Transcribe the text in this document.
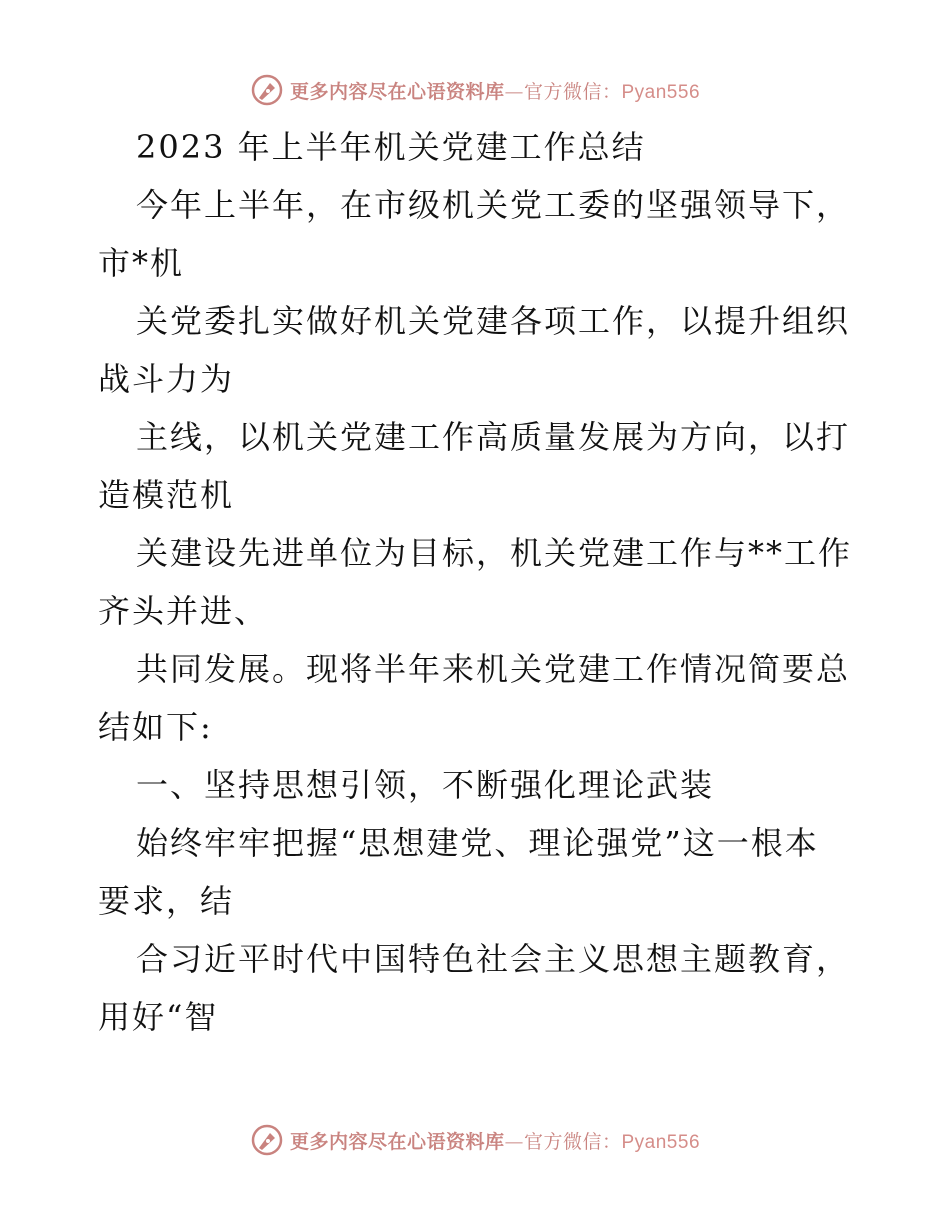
更多内容尽在心语资料库—官方微信：Pyan556
2023 年上半年机关党建工作总结
今年上半年，在市级机关党工委的坚强领导下，
市*机
关党委扎实做好机关党建各项工作，以提升组织
战斗力为
主线，以机关党建工作高质量发展为方向，以打
造模范机
关建设先进单位为目标，机关党建工作与**工作
齐头并进、
共同发展。现将半年来机关党建工作情况简要总
结如下:
一、坚持思想引领，不断强化理论武装
始终牢牢把握“思想建党、理论强党”这一根本
要求，结
合习近平时代中国特色社会主义思想主题教育，
用好“智
更多内容尽在心语资料库—官方微信：Pyan556
